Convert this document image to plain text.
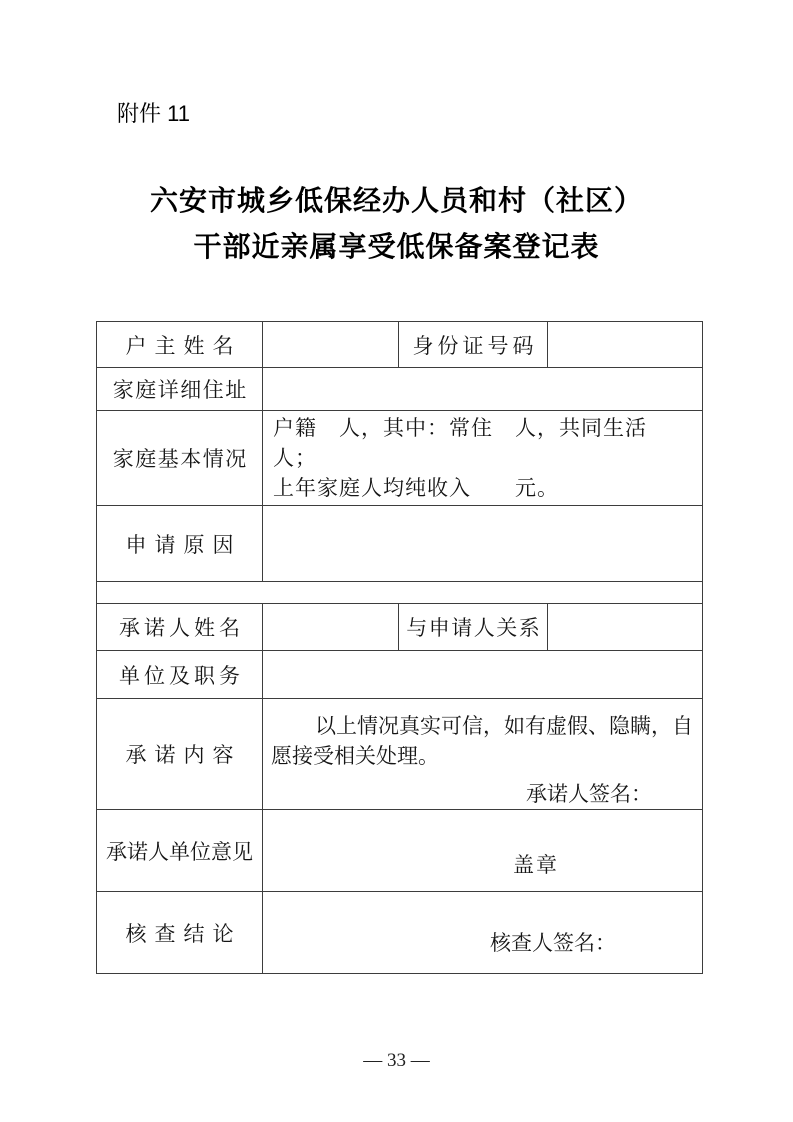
附件 11
六安市城乡低保经办人员和村（社区）
干部近亲属享受低保备案登记表
户主姓名		身份证号码	
家庭详细住址			
家庭基本情况	户籍　人，其中：常住　人，共同生活　人；
上年家庭人均纯收入　　元。		

申请原因			

承诺人姓名		与申请人关系	
单位及职务			
承诺内容	以上情况真实可信，如有虚假、隐瞒，自愿接受相关处理。
承诺人签名：		

承诺人单位意见	盖章		

核查结论	核查人签名：		
— 33 —
